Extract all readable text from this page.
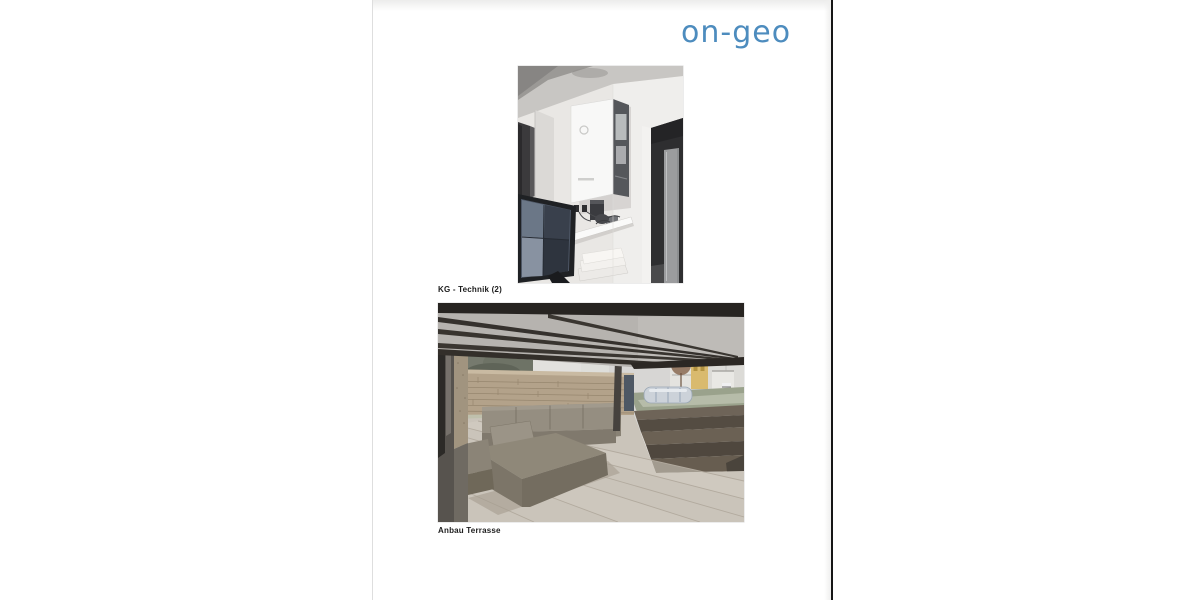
on-geo
KG - Technik (2)
Anbau Terrasse
